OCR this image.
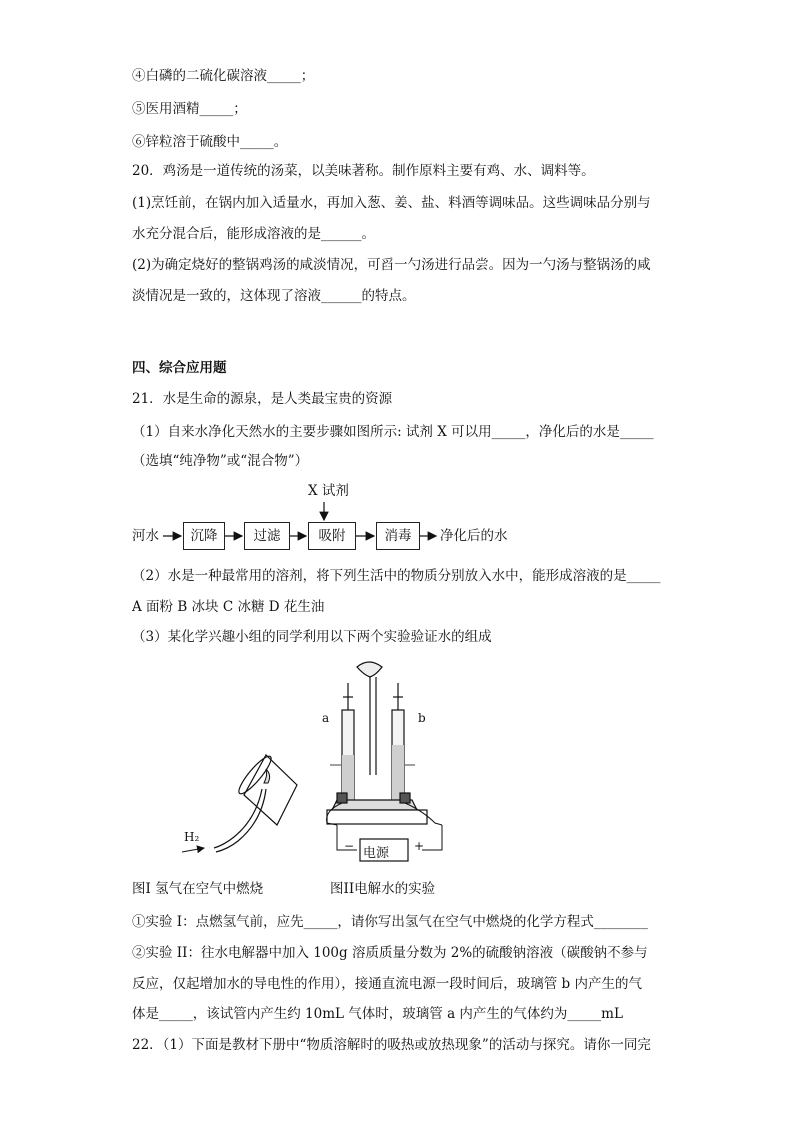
④白磷的二硫化碳溶液_____；
⑤医用酒精_____；
⑥锌粒溶于硫酸中_____。
20．鸡汤是一道传统的汤菜，以美味著称。制作原料主要有鸡、水、调料等。
(1)烹饪前，在锅内加入适量水，再加入葱、姜、盐、料酒等调味品。这些调味品分别与
水充分混合后，能形成溶液的是______。
(2)为确定烧好的整锅鸡汤的咸淡情况，可舀一勺汤进行品尝。因为一勺汤与整锅汤的咸
淡情况是一致的，这体现了溶液______的特点。
四、综合应用题
21．水是生命的源泉，是人类最宝贵的资源
（1）自来水净化天然水的主要步骤如图所示: 试剂 X 可以用_____，净化后的水是_____
（选填“纯净物”或“混合物”）
X 试剂
河水	沉降	过滤	吸附	消毒	净化后的水
（2）水是一种最常用的溶剂，将下列生活中的物质分别放入水中，能形成溶液的是_____
A 面粉 B 冰块 C 冰糖 D 花生油
（3）某化学兴趣小组的同学利用以下两个实验验证水的组成
H₂
a	b
− 电源 +
图I 氢气在空气中燃烧	图II电解水的实验
①实验 I：点燃氢气前，应先_____，请你写出氢气在空气中燃烧的化学方程式________
②实验 II：往水电解器中加入 100g 溶质质量分数为 2%的硫酸钠溶液（碳酸钠不参与
反应，仅起增加水的导电性的作用），接通直流电源一段时间后，玻璃管 b 内产生的气
体是_____，该试管内产生约 10mL 气体时，玻璃管 a 内产生的气体约为_____mL
22．（1）下面是教材下册中“物质溶解时的吸热或放热现象”的活动与探究。请你一同完
